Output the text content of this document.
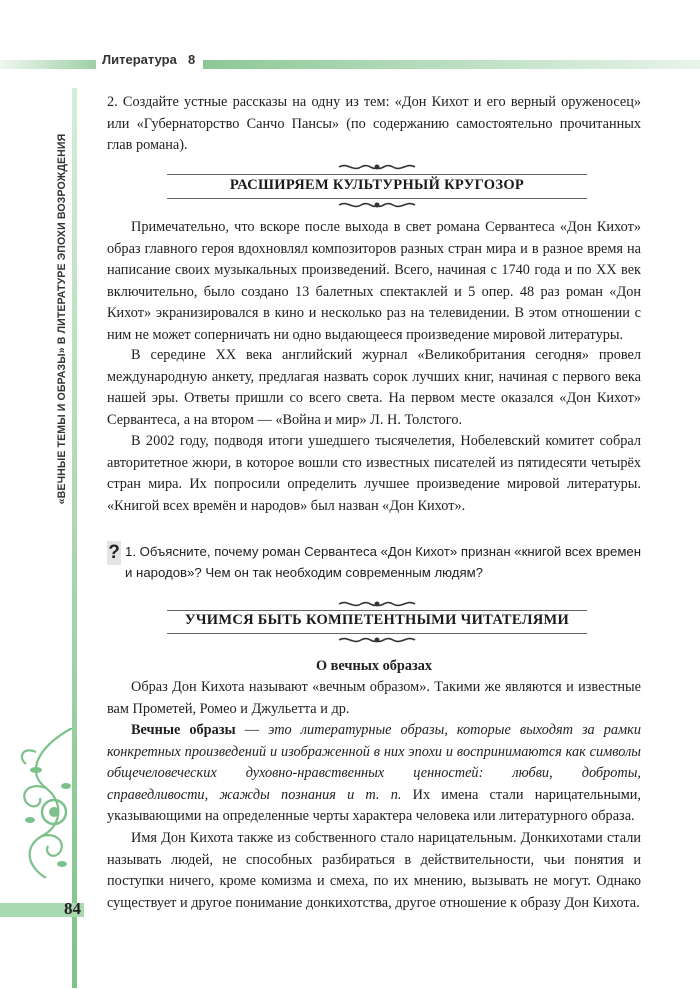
Литература 8
«ВЕЧНЫЕ ТЕМЫ И ОБРАЗЫ» В ЛИТЕРАТУРЕ ЭПОХИ ВОЗРОЖДЕНИЯ
84
2. Создайте устные рассказы на одну из тем: «Дон Кихот и его верный оруженосец» или «Губернаторство Санчо Пансы» (по содержанию самостоятельно прочитанных глав романа).
РАСШИРЯЕМ КУЛЬТУРНЫЙ КРУГОЗОР
Примечательно, что вскоре после выхода в свет романа Сервантеса «Дон Кихот» образ главного героя вдохновлял композиторов разных стран мира и в разное время на написание своих музыкальных произведений. Всего, начиная с 1740 года и по XX век включительно, было создано 13 балетных спектаклей и 5 опер. 48 раз роман «Дон Кихот» экранизировался в кино и несколько раз на телевидении. В этом отношении с ним не может соперничать ни одно выдающееся произведение мировой литературы.
В середине XX века английский журнал «Великобритания сегодня» провел международную анкету, предлагая назвать сорок лучших книг, начиная с первого века нашей эры. Ответы пришли со всего света. На первом месте оказался «Дон Кихот» Сервантеса, а на втором — «Война и мир» Л. Н. Толстого.
В 2002 году, подводя итоги ушедшего тысячелетия, Нобелевский комитет собрал авторитетное жюри, в которое вошли сто известных писателей из пятидесяти четырёх стран мира. Их попросили определить лучшее произведение мировой литературы. «Книгой всех времён и народов» был назван «Дон Кихот».
? 1. Объясните, почему роман Сервантеса «Дон Кихот» признан «книгой всех времен и народов»? Чем он так необходим современным людям?
УЧИМСЯ БЫТЬ КОМПЕТЕНТНЫМИ ЧИТАТЕЛЯМИ
О вечных образах
Образ Дон Кихота называют «вечным образом». Такими же являются и известные вам Прометей, Ромео и Джульетта и др.
Вечные образы — это литературные образы, которые выходят за рамки конкретных произведений и изображенной в них эпохи и воспринимаются как символы общечеловеческих духовно-нравственных ценностей: любви, доброты, справедливости, жажды познания и т. п. Их имена стали нарицательными, указывающими на определенные черты характера человека или литературного образа.
Имя Дон Кихота также из собственного стало нарицательным. Донкихотами стали называть людей, не способных разбираться в действительности, чьи понятия и поступки ничего, кроме комизма и смеха, по их мнению, вызывать не могут. Однако существует и другое понимание донкихотства, другое отношение к образу Дон Кихота.
